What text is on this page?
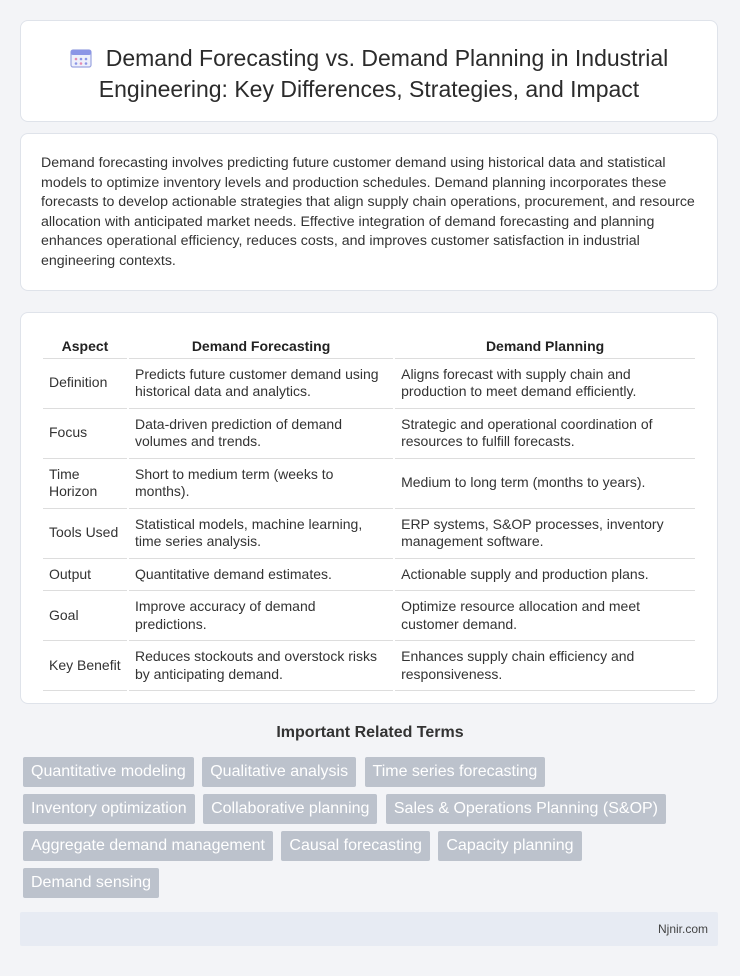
Demand Forecasting vs. Demand Planning in Industrial Engineering: Key Differences, Strategies, and Impact

Demand forecasting involves predicting future customer demand using historical data and statistical models to optimize inventory levels and production schedules. Demand planning incorporates these forecasts to develop actionable strategies that align supply chain operations, procurement, and resource allocation with anticipated market needs. Effective integration of demand forecasting and planning enhances operational efficiency, reduces costs, and improves customer satisfaction in industrial engineering contexts.

Aspect	Demand Forecasting	Demand Planning
Definition	Predicts future customer demand using historical data and analytics.	Aligns forecast with supply chain and production to meet demand efficiently.
Focus	Data-driven prediction of demand volumes and trends.	Strategic and operational coordination of resources to fulfill forecasts.
Time Horizon	Short to medium term (weeks to months).	Medium to long term (months to years).
Tools Used	Statistical models, machine learning, time series analysis.	ERP systems, S&OP processes, inventory management software.
Output	Quantitative demand estimates.	Actionable supply and production plans.
Goal	Improve accuracy of demand predictions.	Optimize resource allocation and meet customer demand.
Key Benefit	Reduces stockouts and overstock risks by anticipating demand.	Enhances supply chain efficiency and responsiveness.
Important Related Terms
Quantitative modeling Qualitative analysis Time series forecasting Inventory optimization Collaborative planning Sales & Operations Planning (S&OP) Aggregate demand management Causal forecasting Capacity planning Demand sensing
Njnir.com
